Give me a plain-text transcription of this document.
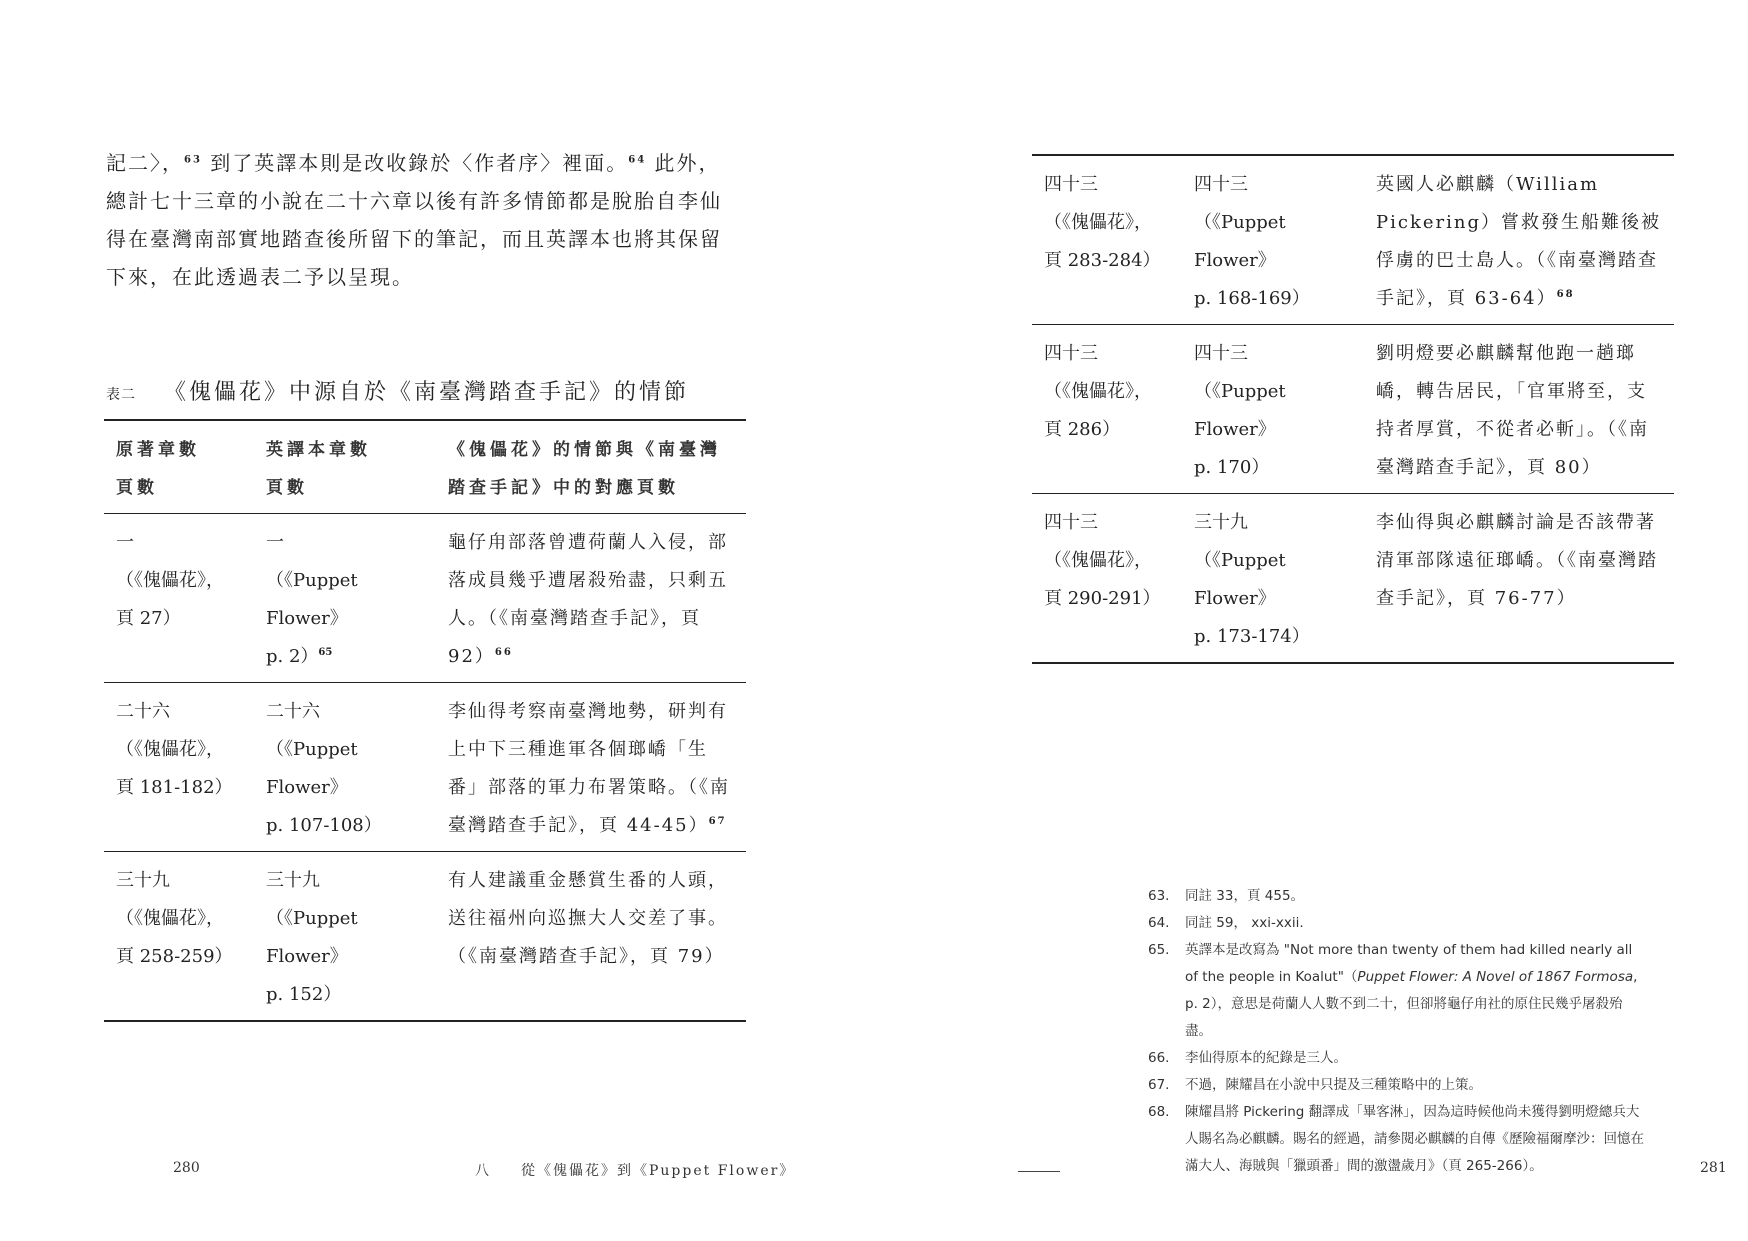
記二〉，$^{63}$ 到了英譯本則是改收錄於〈作者序〉裡面。$^{64}$ 此外，總計七十三章的小說在二十六章以後有許多情節都是脫胎自李仙得在臺灣南部實地踏查後所留下的筆記，而且英譯本也將其保留下來，在此透過表二予以呈現。

表二 《傀儡花》中源自於《南臺灣踏查手記》的情節
原著章數
頁數	英譯本章數
頁數	《傀儡花》的情節與《南臺灣踏查手記》中的對應頁數
一
（《傀儡花》，
頁 27）	一
（《Puppet Flower》
p. 2）$^{65}$	龜仔甪部落曾遭荷蘭人入侵，部落成員幾乎遭屠殺殆盡，只剩五人。（《南臺灣踏查手記》，頁 92）$^{66}$
二十六
（《傀儡花》，
頁 181-182）	二十六
（《Puppet Flower》
p. 107-108）	李仙得考察南臺灣地勢，研判有上中下三種進軍各個瑯嶠「生番」部落的軍力布署策略。（《南臺灣踏查手記》，頁 44-45）$^{67}$
三十九
（《傀儡花》，
頁 258-259）	三十九
（《Puppet Flower》
p. 152）	有人建議重金懸賞生番的人頭，送往福州向巡撫大人交差了事。（《南臺灣踏查手記》，頁 79）
280	八 從《傀儡花》到《Puppet Flower》
四十三
（《傀儡花》，
頁 283-284）	四十三
（《Puppet Flower》
p. 168-169）	英國人必麒麟（William Pickering）嘗救發生船難後被俘虜的巴士島人。（《南臺灣踏查手記》，頁 63-64）$^{68}$
四十三
（《傀儡花》，
頁 286）	四十三
（《Puppet Flower》
p. 170）	劉明燈要必麒麟幫他跑一趟瑯嶠，轉告居民，「官軍將至，支持者厚賞，不從者必斬」。（《南臺灣踏查手記》，頁 80）
四十三
（《傀儡花》，
頁 290-291）	三十九
（《Puppet Flower》
p. 173-174）	李仙得與必麒麟討論是否該帶著清軍部隊遠征瑯嶠。（《南臺灣踏查手記》，頁 76-77）
63. 同註 33，頁 455。
64. 同註 59， xxi-xxii.
65. 英譯本是改寫為 "Not more than twenty of them had killed nearly all of the people in Koalut"（Puppet Flower: A Novel of 1867 Formosa, p. 2），意思是荷蘭人人數不到二十，但卻將龜仔甪社的原住民幾乎屠殺殆盡。
66. 李仙得原本的紀錄是三人。
67. 不過，陳耀昌在小說中只提及三種策略中的上策。
68. 陳耀昌將 Pickering 翻譯成「畢客淋」，因為這時候他尚未獲得劉明燈總兵大人賜名為必麒麟。賜名的經過，請參閱必麒麟的自傳《歷險福爾摩沙：回憶在滿大人、海賊與「獵頭番」間的激盪歲月》（頁 265-266）。	281
